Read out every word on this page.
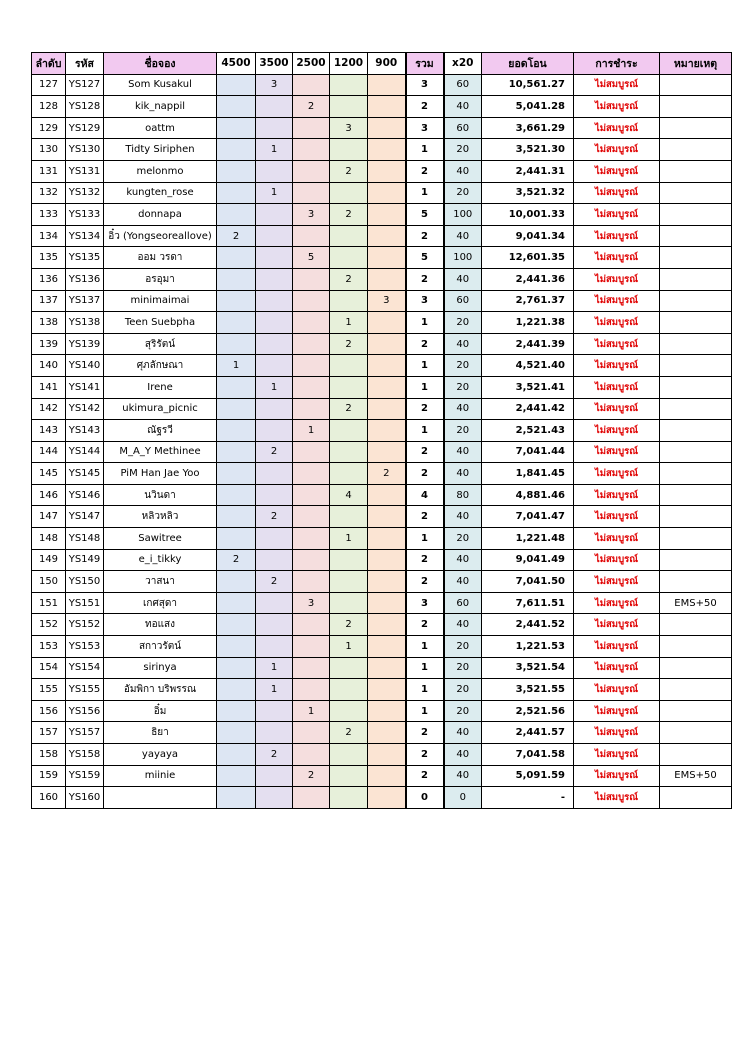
ลำดับ	รหัส	ชื่อจอง	4500	3500	2500	1200	900	รวม	x20	ยอดโอน	การชำระ	หมายเหตุ
127	YS127	Som Kusakul		3				3	60	10,561.27	ไม่สมบูรณ์	
128	YS128	kik_nappil			2			2	40	5,041.28	ไม่สมบูรณ์	
129	YS129	oattm				3		3	60	3,661.29	ไม่สมบูรณ์	
130	YS130	Tidty Siriphen		1				1	20	3,521.30	ไม่สมบูรณ์	
131	YS131	melonmo				2		2	40	2,441.31	ไม่สมบูรณ์	
132	YS132	kungten_rose		1				1	20	3,521.32	ไม่สมบูรณ์	
133	YS133	donnapa			3	2		5	100	10,001.33	ไม่สมบูรณ์	
134	YS134	อิ๋ว (Yongseoreallove)	2					2	40	9,041.34	ไม่สมบูรณ์	
135	YS135	ออม วรดา			5			5	100	12,601.35	ไม่สมบูรณ์	
136	YS136	อรอุมา				2		2	40	2,441.36	ไม่สมบูรณ์	
137	YS137	minimaimai					3	3	60	2,761.37	ไม่สมบูรณ์	
138	YS138	Teen Suebpha				1		1	20	1,221.38	ไม่สมบูรณ์	
139	YS139	สุริรัตน์				2		2	40	2,441.39	ไม่สมบูรณ์	
140	YS140	ศุภลักษณา	1					1	20	4,521.40	ไม่สมบูรณ์	
141	YS141	Irene		1				1	20	3,521.41	ไม่สมบูรณ์	
142	YS142	ukimura_picnic				2		2	40	2,441.42	ไม่สมบูรณ์	
143	YS143	ณัฐรวี			1			1	20	2,521.43	ไม่สมบูรณ์	
144	YS144	M_A_Y Methinee		2				2	40	7,041.44	ไม่สมบูรณ์	
145	YS145	PiM Han Jae Yoo					2	2	40	1,841.45	ไม่สมบูรณ์	
146	YS146	นวินดา				4		4	80	4,881.46	ไม่สมบูรณ์	
147	YS147	หลิวหลิว		2				2	40	7,041.47	ไม่สมบูรณ์	
148	YS148	Sawitree				1		1	20	1,221.48	ไม่สมบูรณ์	
149	YS149	e_i_tikky	2					2	40	9,041.49	ไม่สมบูรณ์	
150	YS150	วาสนา		2				2	40	7,041.50	ไม่สมบูรณ์	
151	YS151	เกศสุดา			3			3	60	7,611.51	ไม่สมบูรณ์	EMS+50
152	YS152	ทอแสง				2		2	40	2,441.52	ไม่สมบูรณ์	
153	YS153	สกาวรัตน์				1		1	20	1,221.53	ไม่สมบูรณ์	
154	YS154	sirinya		1				1	20	3,521.54	ไม่สมบูรณ์	
155	YS155	อัมพิกา บริพรรณ		1				1	20	3,521.55	ไม่สมบูรณ์	
156	YS156	อิ๋ม			1			1	20	2,521.56	ไม่สมบูรณ์	
157	YS157	ธิยา				2		2	40	2,441.57	ไม่สมบูรณ์	
158	YS158	yayaya		2				2	40	7,041.58	ไม่สมบูรณ์	
159	YS159	miinie			2			2	40	5,091.59	ไม่สมบูรณ์	EMS+50
160	YS160							0	0	-	ไม่สมบูรณ์	
